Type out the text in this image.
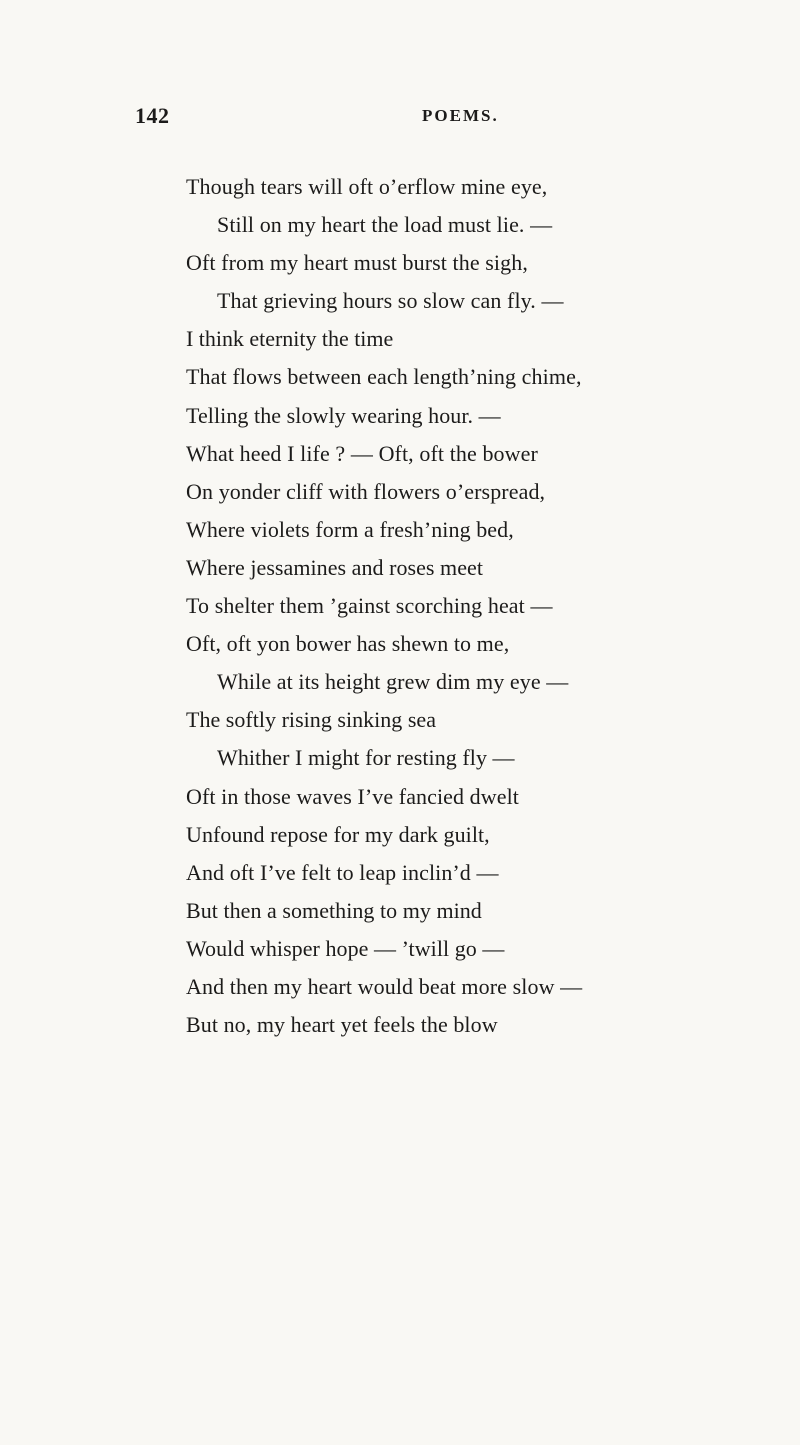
142	POEMS.
Though tears will oft o’erflow mine eye,
Still on my heart the load must lie. —
Oft from my heart must burst the sigh,
That grieving hours so slow can fly. —
I think eternity the time
That flows between each length’ning chime,
Telling the slowly wearing hour. —
What heed I life ? — Oft, oft the bower
On yonder cliff with flowers o’erspread,
Where violets form a fresh’ning bed,
Where jessamines and roses meet
To shelter them ’gainst scorching heat —
Oft, oft yon bower has shewn to me,
While at its height grew dim my eye —
The softly rising sinking sea
Whither I might for resting fly —
Oft in those waves I’ve fancied dwelt
Unfound repose for my dark guilt,
And oft I’ve felt to leap inclin’d —
But then a something to my mind
Would whisper hope — ’twill go —
And then my heart would beat more slow —
But no, my heart yet feels the blow
